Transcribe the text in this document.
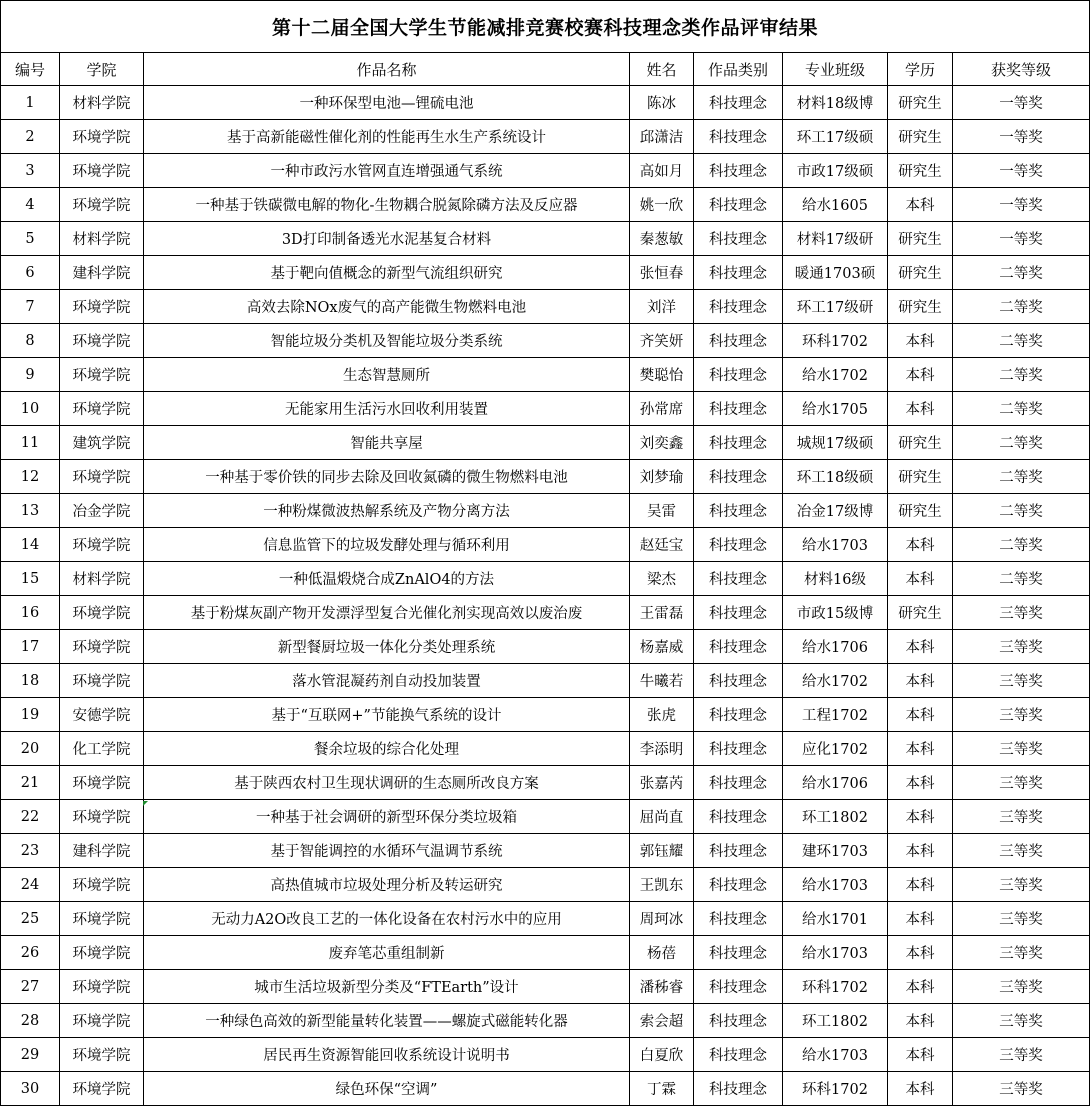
第十二届全国大学生节能减排竞赛校赛科技理念类作品评审结果							
编号	学院	作品名称	姓名	作品类别	专业班级	学历	获奖等级
1	材料学院	一种环保型电池—锂硫电池	陈冰	科技理念	材料18级博	研究生	一等奖
2	环境学院	基于高新能磁性催化剂的性能再生水生产系统设计	邱潇洁	科技理念	环工17级硕	研究生	一等奖
3	环境学院	一种市政污水管网直连增强通气系统	高如月	科技理念	市政17级硕	研究生	一等奖
4	环境学院	一种基于铁碳微电解的物化-生物耦合脱氮除磷方法及反应器	姚一欣	科技理念	给水1605	本科	一等奖
5	材料学院	3D打印制备透光水泥基复合材料	秦葱敏	科技理念	材料17级研	研究生	一等奖
6	建科学院	基于靶向值概念的新型气流组织研究	张恒春	科技理念	暖通1703硕	研究生	二等奖
7	环境学院	高效去除NOx废气的高产能微生物燃料电池	刘洋	科技理念	环工17级研	研究生	二等奖
8	环境学院	智能垃圾分类机及智能垃圾分类系统	齐笑妍	科技理念	环科1702	本科	二等奖
9	环境学院	生态智慧厕所	樊聪怡	科技理念	给水1702	本科	二等奖
10	环境学院	无能家用生活污水回收利用装置	孙常席	科技理念	给水1705	本科	二等奖
11	建筑学院	智能共享屋	刘奕鑫	科技理念	城规17级硕	研究生	二等奖
12	环境学院	一种基于零价铁的同步去除及回收氮磷的微生物燃料电池	刘梦瑜	科技理念	环工18级硕	研究生	二等奖
13	冶金学院	一种粉煤微波热解系统及产物分离方法	吴雷	科技理念	冶金17级博	研究生	二等奖
14	环境学院	信息监管下的垃圾发酵处理与循环利用	赵廷宝	科技理念	给水1703	本科	二等奖
15	材料学院	一种低温煅烧合成ZnAlO4的方法	梁杰	科技理念	材料16级	本科	二等奖
16	环境学院	基于粉煤灰副产物开发漂浮型复合光催化剂实现高效以废治废	王雷磊	科技理念	市政15级博	研究生	三等奖
17	环境学院	新型餐厨垃圾一体化分类处理系统	杨嘉威	科技理念	给水1706	本科	三等奖
18	环境学院	落水管混凝药剂自动投加装置	牛曦若	科技理念	给水1702	本科	三等奖
19	安德学院	基于“互联网+”节能换气系统的设计	张虎	科技理念	工程1702	本科	三等奖
20	化工学院	餐余垃圾的综合化处理	李添明	科技理念	应化1702	本科	三等奖
21	环境学院	基于陕西农村卫生现状调研的生态厕所改良方案	张嘉芮	科技理念	给水1706	本科	三等奖
22	环境学院	一种基于社会调研的新型环保分类垃圾箱	屈尚直	科技理念	环工1802	本科	三等奖
23	建科学院	基于智能调控的水循环气温调节系统	郭钰耀	科技理念	建环1703	本科	三等奖
24	环境学院	高热值城市垃圾处理分析及转运研究	王凯东	科技理念	给水1703	本科	三等奖
25	环境学院	无动力A2O改良工艺的一体化设备在农村污水中的应用	周珂冰	科技理念	给水1701	本科	三等奖
26	环境学院	废弃笔芯重组制新	杨蓓	科技理念	给水1703	本科	三等奖
27	环境学院	城市生活垃圾新型分类及“FTEarth”设计	潘秭睿	科技理念	环科1702	本科	三等奖
28	环境学院	一种绿色高效的新型能量转化装置——螺旋式磁能转化器	索会超	科技理念	环工1802	本科	三等奖
29	环境学院	居民再生资源智能回收系统设计说明书	白夏欣	科技理念	给水1703	本科	三等奖
30	环境学院	绿色环保“空调”	丁霖	科技理念	环科1702	本科	三等奖
